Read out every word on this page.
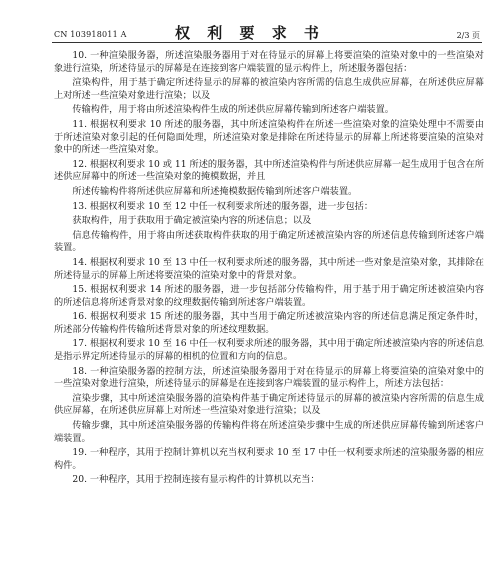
CN 103918011 A	权 利 要 求 书	2/3 页

10. 一种渲染服务器，所述渲染服务器用于对在待显示的屏幕上将要渲染的渲染对象中的一些渲染对象进行渲染，所述待显示的屏幕是在连接到客户端装置的显示构件上，所述服务器包括：

渲染构件，用于基于确定所述待显示的屏幕的被渲染内容所需的信息生成供应屏幕，在所述供应屏幕上对所述一些渲染对象进行渲染；以及

传输构件，用于将由所述渲染构件生成的所述供应屏幕传输到所述客户端装置。

11. 根据权利要求 10 所述的服务器，其中所述渲染构件在所述一些渲染对象的渲染处理中不需要由于所述渲染对象引起的任何隐面处理，所述渲染对象是排除在所述待显示的屏幕上所述将要渲染的渲染对象中的所述一些渲染对象。

12. 根据权利要求 10 或 11 所述的服务器，其中所述渲染构件与所述供应屏幕一起生成用于包含在所述供应屏幕中的所述一些渲染对象的掩模数据，并且

所述传输构件将所述供应屏幕和所述掩模数据传输到所述客户端装置。

13. 根据权利要求 10 至 12 中任一权利要求所述的服务器，进一步包括：

获取构件，用于获取用于确定被渲染内容的所述信息；以及

信息传输构件，用于将由所述获取构件获取的用于确定所述被渲染内容的所述信息传输到所述客户端装置。

14. 根据权利要求 10 至 13 中任一权利要求所述的服务器，其中所述一些对象是渲染对象，其排除在所述待显示的屏幕上所述将要渲染的渲染对象中的背景对象。

15. 根据权利要求 14 所述的服务器，进一步包括部分传输构件，用于基于用于确定所述被渲染内容的所述信息将所述背景对象的纹理数据传输到所述客户端装置。

16. 根据权利要求 15 所述的服务器，其中当用于确定所述被渲染内容的所述信息满足预定条件时，所述部分传输构件传输所述背景对象的所述纹理数据。

17. 根据权利要求 10 至 16 中任一权利要求所述的服务器，其中用于确定所述被渲染内容的所述信息是指示界定所述待显示的屏幕的相机的位置和方向的信息。

18. 一种渲染服务器的控制方法，所述渲染服务器用于对在待显示的屏幕上将要渲染的渲染对象中的一些渲染对象进行渲染，所述待显示的屏幕是在连接到客户端装置的显示构件上，所述方法包括：

渲染步骤，其中所述渲染服务器的渲染构件基于确定所述待显示的屏幕的被渲染内容所需的信息生成供应屏幕，在所述供应屏幕上对所述一些渲染对象进行渲染；以及

传输步骤，其中所述渲染服务器的传输构件将在所述渲染步骤中生成的所述供应屏幕传输到所述客户端装置。

19. 一种程序，其用于控制计算机以充当权利要求 10 至 17 中任一权利要求所述的渲染服务器的相应构件。

20. 一种程序，其用于控制连接有显示构件的计算机以充当：
